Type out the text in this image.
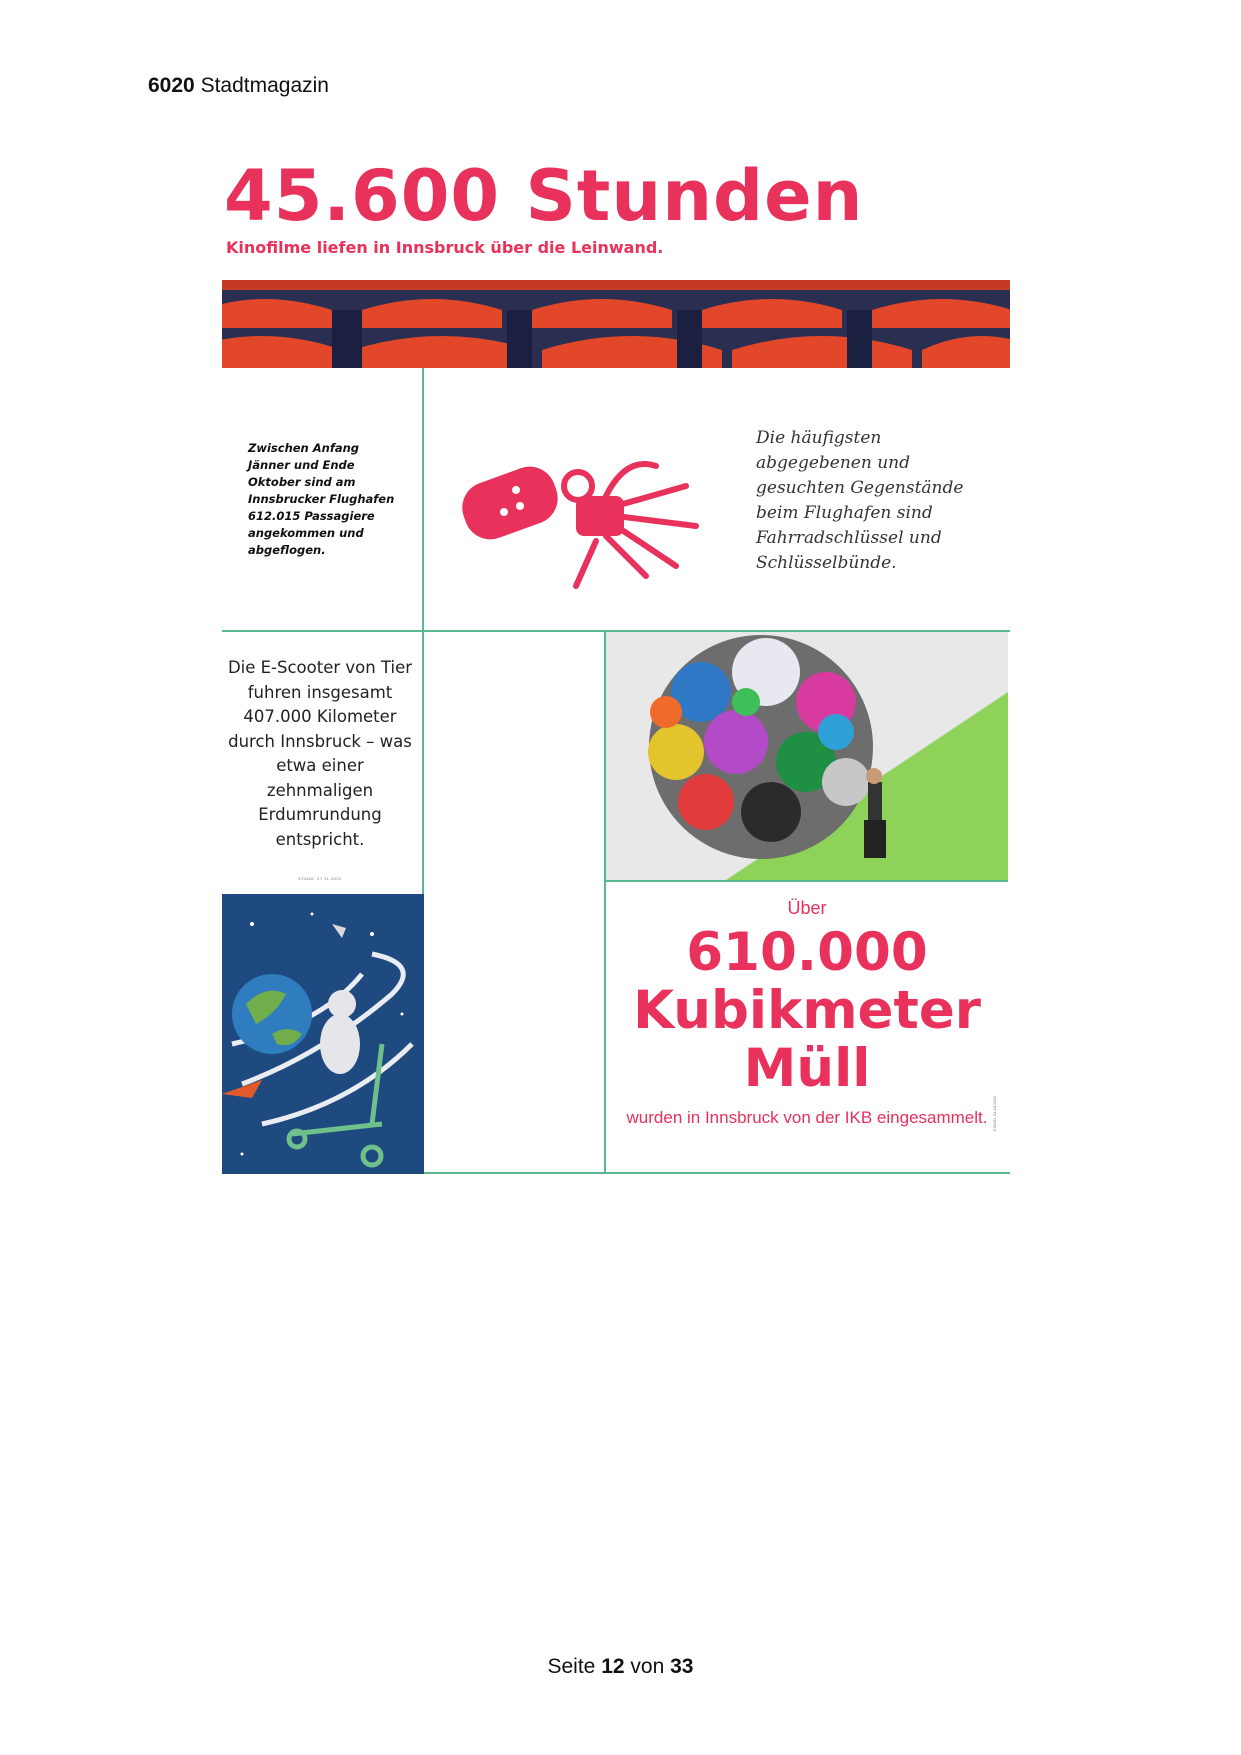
6020 Stadtmagazin
45.600 Stunden
Kinofilme liefen in Innsbruck über die Leinwand.
Zwischen Anfang Jänner und Ende Oktober sind am Innsbrucker Flughafen 612.015 Passagiere angekommen und abgeflogen.
Die häufigsten abgegebenen und gesuchten Gegenstände beim Flughafen sind Fahrradschlüssel und Schlüsselbünde.
Die E-Scooter von Tier fuhren insgesamt 407.000 Kilometer durch Innsbruck – was etwa einer zehnmaligen Erdumrundung entspricht.
STAND: 07.11.2022
Über
610.000
Kubikmeter
Müll
wurden in Innsbruck von der IKB eingesammelt.	STAND: 31.10.2022
Seite 12 von 33
